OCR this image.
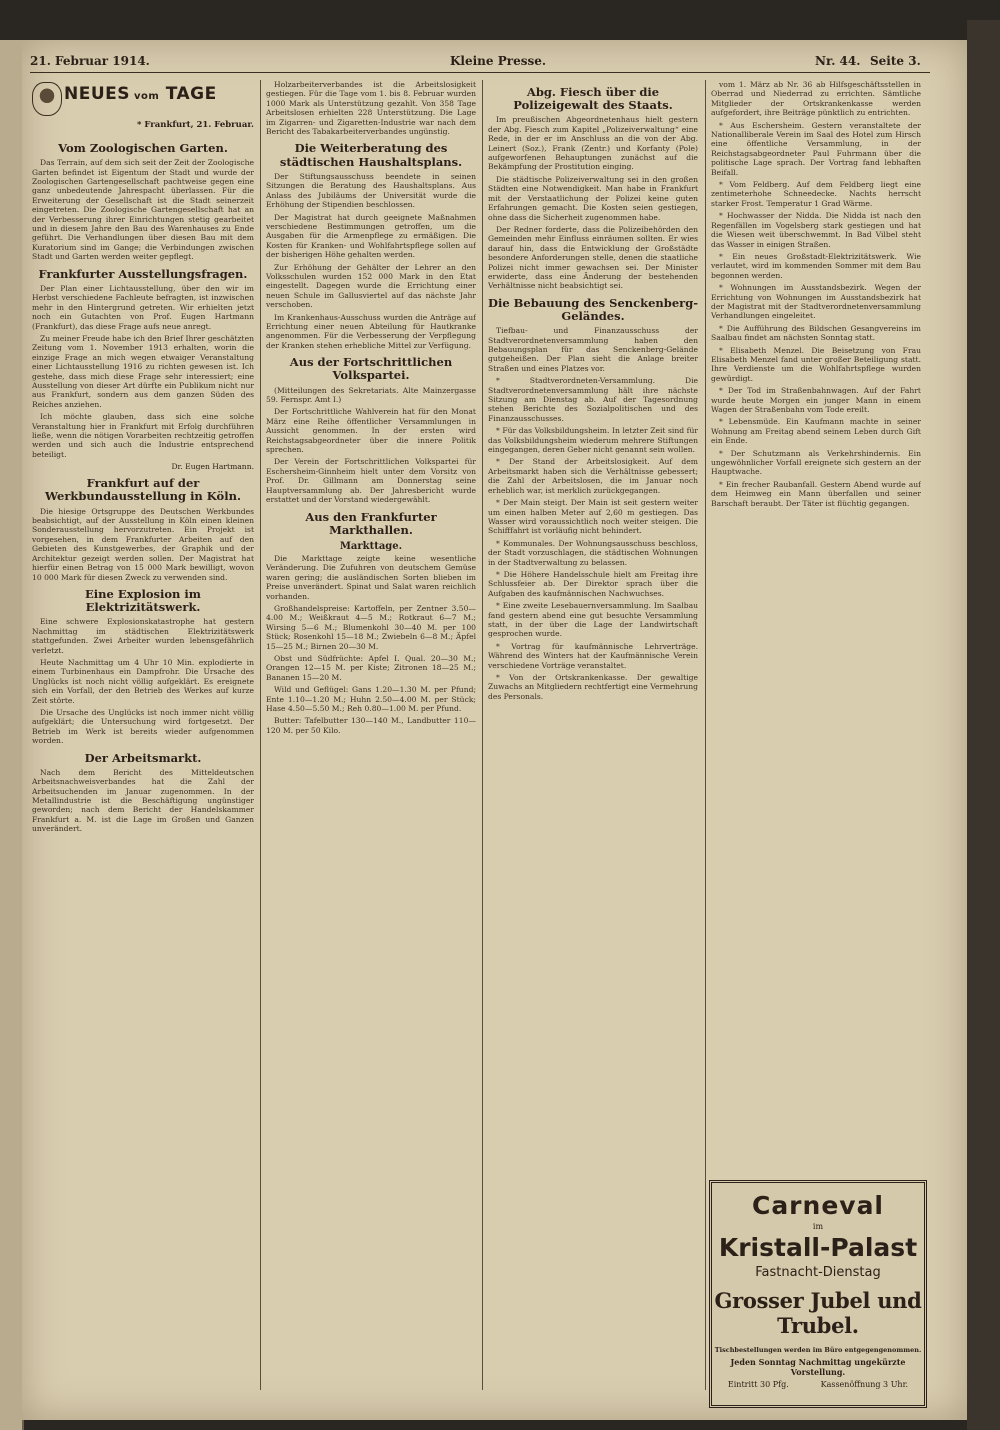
21. Februar 1914.	Kleine Presse.	Nr. 44. Seite 3.
NEUES vom TAGE
* Frankfurt, 21. Februar.
Vom Zoologischen Garten.

Das Terrain, auf dem sich seit der Zeit der Zoologische Garten befindet ist Eigentum der Stadt und wurde der Zoologischen Gartengesellschaft pachtweise gegen eine ganz unbedeutende Jahrespacht überlassen. Für die Erweiterung der Gesellschaft ist die Stadt seinerzeit eingetreten. Die Zoologische Gartengesellschaft hat an der Verbesserung ihrer Einrichtungen stetig gearbeitet und in diesem Jahre den Bau des Warenhauses zu Ende geführt. Die Verhandlungen über diesen Bau mit dem Kuratorium sind im Gange; die Verbindungen zwischen Stadt und Garten werden weiter gepflegt.

Frankfurter Ausstellungsfragen.

Der Plan einer Lichtausstellung, über den wir im Herbst verschiedene Fachleute befragten, ist inzwischen mehr in den Hintergrund getreten. Wir erhielten jetzt noch ein Gutachten von Prof. Eugen Hartmann (Frankfurt), das diese Frage aufs neue anregt.

Zu meiner Freude habe ich den Brief Ihrer geschätzten Zeitung vom 1. November 1913 erhalten, worin die einzige Frage an mich wegen etwaiger Veranstaltung einer Lichtausstellung 1916 zu richten gewesen ist. Ich gestehe, dass mich diese Frage sehr interessiert; eine Ausstellung von dieser Art dürfte ein Publikum nicht nur aus Frankfurt, sondern aus dem ganzen Süden des Reiches anziehen.

Ich möchte glauben, dass sich eine solche Veranstaltung hier in Frankfurt mit Erfolg durchführen ließe, wenn die nötigen Vorarbeiten rechtzeitig getroffen werden und sich auch die Industrie entsprechend beteiligt.

Dr. Eugen Hartmann.
Frankfurt auf der Werkbundausstellung in Köln.

Die hiesige Ortsgruppe des Deutschen Werkbundes beabsichtigt, auf der Ausstellung in Köln einen kleinen Sonderausstellung hervorzutreten. Ein Projekt ist vorgesehen, in dem Frankfurter Arbeiten auf den Gebieten des Kunstgewerbes, der Graphik und der Architektur gezeigt werden sollen. Der Magistrat hat hierfür einen Betrag von 15 000 Mark bewilligt, wovon 10 000 Mark für diesen Zweck zu verwenden sind.

Eine Explosion im Elektrizitätswerk.

Eine schwere Explosionskatastrophe hat gestern Nachmittag im städtischen Elektrizitätswerk stattgefunden. Zwei Arbeiter wurden lebensgefährlich verletzt.

Heute Nachmittag um 4 Uhr 10 Min. explodierte in einem Turbinenhaus ein Dampfrohr. Die Ursache des Unglücks ist noch nicht völlig aufgeklärt. Es ereignete sich ein Vorfall, der den Betrieb des Werkes auf kurze Zeit störte.

Die Ursache des Unglücks ist noch immer nicht völlig aufgeklärt; die Untersuchung wird fortgesetzt. Der Betrieb im Werk ist bereits wieder aufgenommen worden.

Der Arbeitsmarkt.

Nach dem Bericht des Mitteldeutschen Arbeitsnachweisverbandes hat die Zahl der Arbeitsuchenden im Januar zugenommen. In der Metallindustrie ist die Beschäftigung ungünstiger geworden; nach dem Bericht der Handelskammer Frankfurt a. M. ist die Lage im Großen und Ganzen unverändert.

Holzarbeiterverbandes ist die Arbeitslosigkeit gestiegen. Für die Tage vom 1. bis 8. Februar wurden 1000 Mark als Unterstützung gezahlt. Von 358 Tage Arbeitslosen erhielten 228 Unterstützung. Die Lage im Zigarren- und Zigaretten-Industrie war nach dem Bericht des Tabakarbeiterverbandes ungünstig.

Die Weiterberatung des städtischen Haushaltsplans.

Der Stiftungsausschuss beendete in seinen Sitzungen die Beratung des Haushaltsplans. Aus Anlass des Jubiläums der Universität wurde die Erhöhung der Stipendien beschlossen.

Der Magistrat hat durch geeignete Maßnahmen verschiedene Bestimmungen getroffen, um die Ausgaben für die Armenpflege zu ermäßigen. Die Kosten für Kranken- und Wohlfahrtspflege sollen auf der bisherigen Höhe gehalten werden.

Zur Erhöhung der Gehälter der Lehrer an den Volksschulen wurden 152 000 Mark in den Etat eingestellt. Dagegen wurde die Errichtung einer neuen Schule im Gallusviertel auf das nächste Jahr verschoben.

Im Krankenhaus-Ausschuss wurden die Anträge auf Errichtung einer neuen Abteilung für Hautkranke angenommen. Für die Verbesserung der Verpflegung der Kranken stehen erhebliche Mittel zur Verfügung.

Aus der Fortschrittlichen Volkspartei.

(Mitteilungen des Sekretariats. Alte Mainzergasse 59. Fernspr. Amt I.)

Der Fortschrittliche Wahlverein hat für den Monat März eine Reihe öffentlicher Versammlungen in Aussicht genommen. In der ersten wird Reichstagsabgeordneter über die innere Politik sprechen.

Der Verein der Fortschrittlichen Volkspartei für Eschersheim-Ginnheim hielt unter dem Vorsitz von Prof. Dr. Gillmann am Donnerstag seine Hauptversammlung ab. Der Jahresbericht wurde erstattet und der Vorstand wiedergewählt.

Aus den Frankfurter Markthallen.
Markttage.

Die Markttage zeigte keine wesentliche Veränderung. Die Zufuhren von deutschem Gemüse waren gering; die ausländischen Sorten blieben im Preise unverändert. Spinat und Salat waren reichlich vorhanden.

Großhandelspreise: Kartoffeln, per Zentner 3.50—4.00 M.; Weißkraut 4—5 M.; Rotkraut 6—7 M.; Wirsing 5—6 M.; Blumenkohl 30—40 M. per 100 Stück; Rosenkohl 15—18 M.; Zwiebeln 6—8 M.; Äpfel 15—25 M.; Birnen 20—30 M.

Obst und Südfrüchte: Apfel I. Qual. 20—30 M.; Orangen 12—15 M. per Kiste; Zitronen 18—25 M.; Bananen 15—20 M.

Wild und Geflügel: Gans 1.20—1.30 M. per Pfund; Ente 1.10—1.20 M.; Huhn 2.50—4.00 M. per Stück; Hase 4.50—5.50 M.; Reh 0.80—1.00 M. per Pfund.

Butter: Tafelbutter 130—140 M., Landbutter 110—120 M. per 50 Kilo.

Abg. Fiesch über die Polizeigewalt des Staats.

Im preußischen Abgeordnetenhaus hielt gestern der Abg. Fiesch zum Kapitel „Polizeiverwaltung“ eine Rede, in der er im Anschluss an die von der Abg. Leinert (Soz.), Frank (Zentr.) und Korfanty (Pole) aufgeworfenen Behauptungen zunächst auf die Bekämpfung der Prostitution einging.

Die städtische Polizeiverwaltung sei in den großen Städten eine Notwendigkeit. Man habe in Frankfurt mit der Verstaatlichung der Polizei keine guten Erfahrungen gemacht. Die Kosten seien gestiegen, ohne dass die Sicherheit zugenommen habe.

Der Redner forderte, dass die Polizeibehörden den Gemeinden mehr Einfluss einräumen sollten. Er wies darauf hin, dass die Entwicklung der Großstädte besondere Anforderungen stelle, denen die staatliche Polizei nicht immer gewachsen sei. Der Minister erwiderte, dass eine Änderung der bestehenden Verhältnisse nicht beabsichtigt sei.

Die Bebauung des Senckenberg-Geländes.

Tiefbau- und Finanzausschuss der Stadtverordnetenversammlung haben den Bebauungsplan für das Senckenberg-Gelände gutgeheißen. Der Plan sieht die Anlage breiter Straßen und eines Platzes vor.

* Stadtverordneten-Versammlung. Die Stadtverordnetenversammlung hält ihre nächste Sitzung am Dienstag ab. Auf der Tagesordnung stehen Berichte des Sozialpolitischen und des Finanzausschusses.

* Für das Volksbildungsheim. In letzter Zeit sind für das Volksbildungsheim wiederum mehrere Stiftungen eingegangen, deren Geber nicht genannt sein wollen.

* Der Stand der Arbeitslosigkeit. Auf dem Arbeitsmarkt haben sich die Verhältnisse gebessert; die Zahl der Arbeitslosen, die im Januar noch erheblich war, ist merklich zurückgegangen.

* Der Main steigt. Der Main ist seit gestern weiter um einen halben Meter auf 2,60 m gestiegen. Das Wasser wird voraussichtlich noch weiter steigen. Die Schifffahrt ist vorläufig nicht behindert.

* Kommunales. Der Wohnungsausschuss beschloss, der Stadt vorzuschlagen, die städtischen Wohnungen in der Stadtverwaltung zu belassen.

* Die Höhere Handelsschule hielt am Freitag ihre Schlussfeier ab. Der Direktor sprach über die Aufgaben des kaufmännischen Nachwuchses.

* Eine zweite Lesebauernversammlung. Im Saalbau fand gestern abend eine gut besuchte Versammlung statt, in der über die Lage der Landwirtschaft gesprochen wurde.

* Vortrag für kaufmännische Lehrverträge. Während des Winters hat der Kaufmännische Verein verschiedene Vorträge veranstaltet.

* Von der Ortskrankenkasse. Der gewaltige Zuwachs an Mitgliedern rechtfertigt eine Vermehrung des Personals.

vom 1. März ab Nr. 36 ab Hilfsgeschäftsstellen in Oberrad und Niederrad zu errichten. Sämtliche Mitglieder der Ortskrankenkasse werden aufgefordert, ihre Beiträge pünktlich zu entrichten.

* Aus Eschersheim. Gestern veranstaltete der Nationalliberale Verein im Saal des Hotel zum Hirsch eine öffentliche Versammlung, in der Reichstagsabgeordneter Paul Fuhrmann über die politische Lage sprach. Der Vortrag fand lebhaften Beifall.

* Vom Feldberg. Auf dem Feldberg liegt eine zentimeterhohe Schneedecke. Nachts herrscht starker Frost. Temperatur 1 Grad Wärme.

* Hochwasser der Nidda. Die Nidda ist nach den Regenfällen im Vogelsberg stark gestiegen und hat die Wiesen weit überschwemmt. In Bad Vilbel steht das Wasser in einigen Straßen.

* Ein neues Großstadt-Elektrizitätswerk. Wie verlautet, wird im kommenden Sommer mit dem Bau begonnen werden.

* Wohnungen im Ausstandsbezirk. Wegen der Errichtung von Wohnungen im Ausstandsbezirk hat der Magistrat mit der Stadtverordnetenversammlung Verhandlungen eingeleitet.

* Die Aufführung des Bildschen Gesangvereins im Saalbau findet am nächsten Sonntag statt.

* Elisabeth Menzel. Die Beisetzung von Frau Elisabeth Menzel fand unter großer Beteiligung statt. Ihre Verdienste um die Wohlfahrtspflege wurden gewürdigt.

* Der Tod im Straßenbahnwagen. Auf der Fahrt wurde heute Morgen ein junger Mann in einem Wagen der Straßenbahn vom Tode ereilt.

* Lebensmüde. Ein Kaufmann machte in seiner Wohnung am Freitag abend seinem Leben durch Gift ein Ende.

* Der Schutzmann als Verkehrshindernis. Ein ungewöhnlicher Vorfall ereignete sich gestern an der Hauptwache.

* Ein frecher Raubanfall. Gestern Abend wurde auf dem Heimweg ein Mann überfallen und seiner Barschaft beraubt. Der Täter ist flüchtig gegangen.

Carneval
im
Kristall-Palast
Fastnacht-Dienstag
Grosser Jubel und Trubel.
Tischbestellungen werden im Büro entgegengenommen.
Jeden Sonntag Nachmittag ungekürzte Vorstellung.
Eintritt 30 Pfg.	Kassenöffnung 3 Uhr.
